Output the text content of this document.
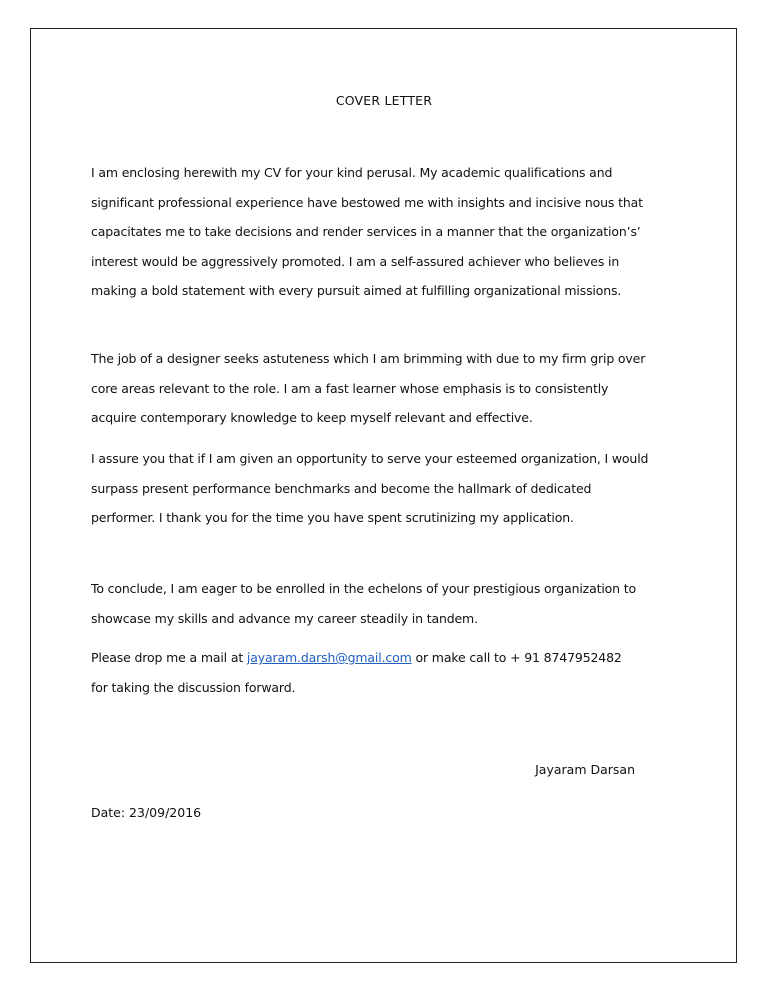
COVER LETTER

I am enclosing herewith my CV for your kind perusal. My academic qualifications and significant professional experience have bestowed me with insights and incisive nous that capacitates me to take decisions and render services in a manner that the organization’s’ interest would be aggressively promoted. I am a self-assured achiever who believes in making a bold statement with every pursuit aimed at fulfilling organizational missions.

The job of a designer seeks astuteness which I am brimming with due to my firm grip over core areas relevant to the role. I am a fast learner whose emphasis is to consistently acquire contemporary knowledge to keep myself relevant and effective.

I assure you that if I am given an opportunity to serve your esteemed organization, I would surpass present performance benchmarks and become the hallmark of dedicated performer. I thank you for the time you have spent scrutinizing my application.

To conclude, I am eager to be enrolled in the echelons of your prestigious organization to showcase my skills and advance my career steadily in tandem.

Please drop me a mail at jayaram.darsh@gmail.com or make call to + 91 8747952482
for taking the discussion forward.

Jayaram Darsan
Date: 23/09/2016
